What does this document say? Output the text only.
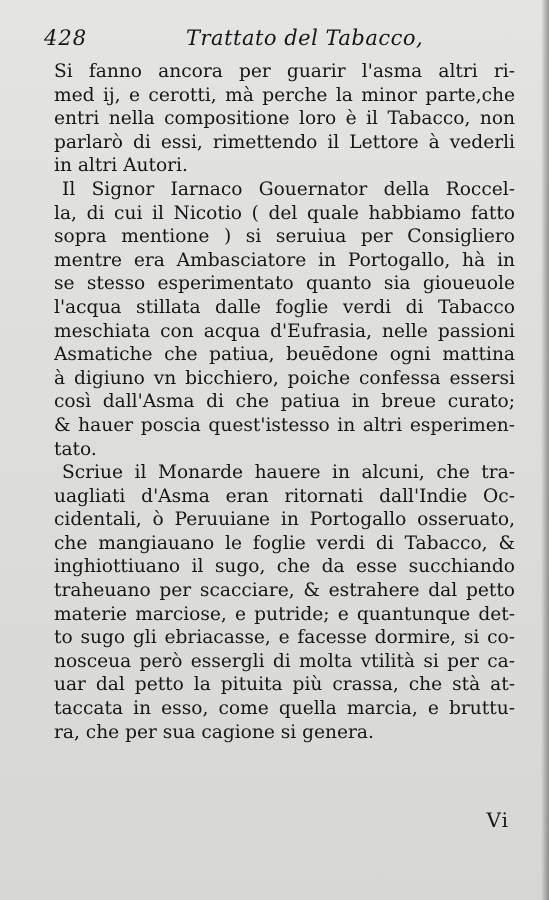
428	Trattato del Tabacco,
Si fanno ancora per guarir l'asma altri ri-
med ij, e cerotti, mà perche la minor parte,che
entri nella compositione loro è il Tabacco, non
parlarò di essi, rimettendo il Lettore à vederli
in altri Autori.
Il Signor Iarnaco Gouernator della Roccel-
la, di cui il Nicotio ( del quale habbiamo fatto
sopra mentione ) si seruiua per Consigliero
mentre era Ambasciatore in Portogallo, hà in
se stesso esperimentato quanto sia gioueuole
l'acqua stillata dalle foglie verdi di Tabacco
meschiata con acqua d'Eufrasia, nelle passioni
Asmatiche che patiua, beuēdone ogni mattina
à digiuno vn bicchiero, poiche confessa essersi
così dall'Asma di che patiua in breue curato;
& hauer poscia quest'istesso in altri esperimen-
tato.
Scriue il Monarde hauere in alcuni, che tra-
uagliati d'Asma eran ritornati dall'Indie Oc-
cidentali, ò Peruuiane in Portogallo osseruato,
che mangiauano le foglie verdi di Tabacco, &
inghiottiuano il sugo, che da esse succhiando
traheuano per scacciare, & estrahere dal petto
materie marciose, e putride; e quantunque det-
to sugo gli ebriacasse, e facesse dormire, si co-
nosceua però essergli di molta vtilità si per ca-
uar dal petto la pituita più crassa, che stà at-
taccata in esso, come quella marcia, e bruttu-
ra, che per sua cagione si genera.
Vi
